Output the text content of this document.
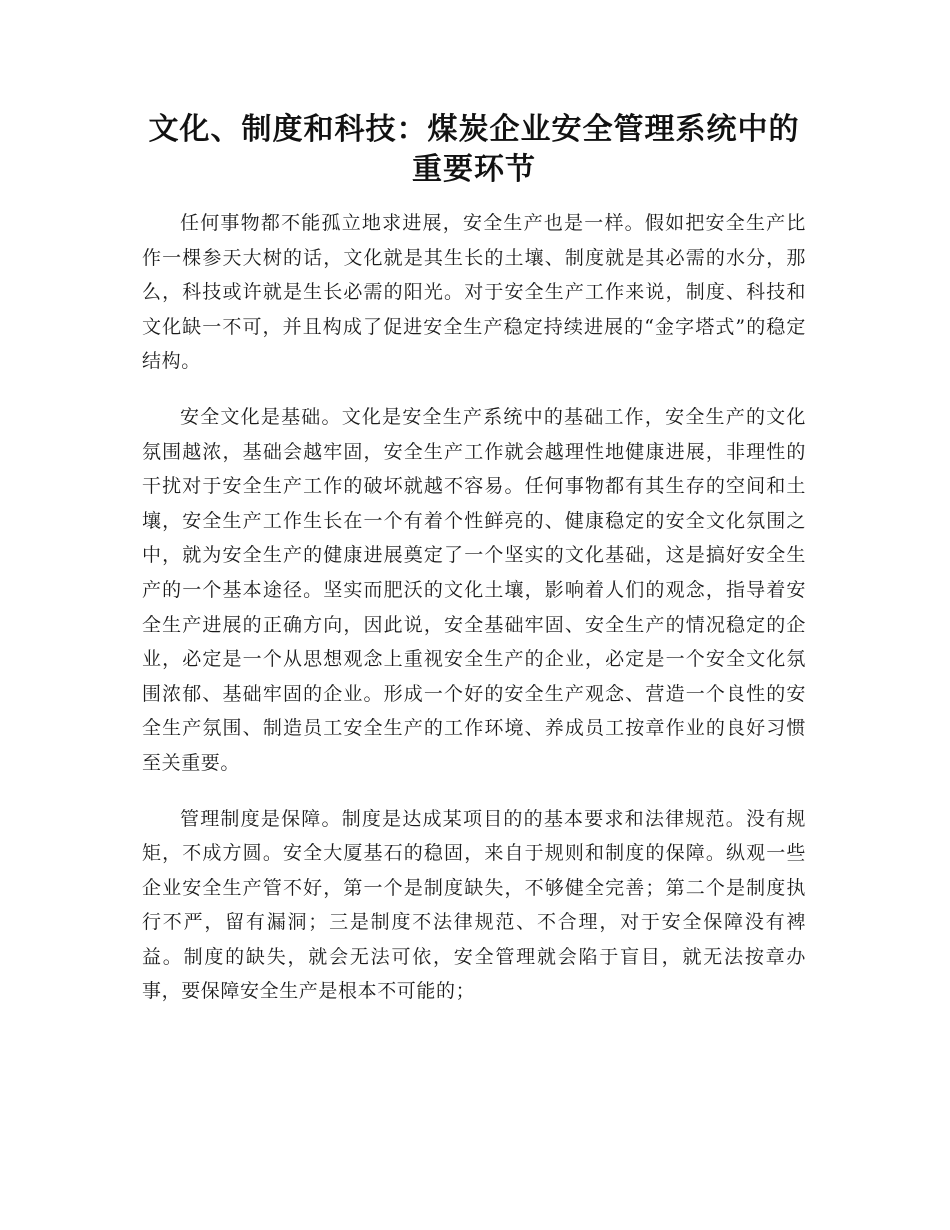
文化、制度和科技：煤炭企业安全管理系统中的重要环节

任何事物都不能孤立地求进展，安全生产也是一样。假如把安全生产比作一棵参天大树的话，文化就是其生长的土壤、制度就是其必需的水分，那么，科技或许就是生长必需的阳光。对于安全生产工作来说，制度、科技和文化缺一不可，并且构成了促进安全生产稳定持续进展的“金字塔式”的稳定结构。

安全文化是基础。文化是安全生产系统中的基础工作，安全生产的文化氛围越浓，基础会越牢固，安全生产工作就会越理性地健康进展，非理性的干扰对于安全生产工作的破坏就越不容易。任何事物都有其生存的空间和土壤，安全生产工作生长在一个有着个性鲜亮的、健康稳定的安全文化氛围之中，就为安全生产的健康进展奠定了一个坚实的文化基础，这是搞好安全生产的一个基本途径。坚实而肥沃的文化土壤，影响着人们的观念，指导着安全生产进展的正确方向，因此说，安全基础牢固、安全生产的情况稳定的企业，必定是一个从思想观念上重视安全生产的企业，必定是一个安全文化氛围浓郁、基础牢固的企业。形成一个好的安全生产观念、营造一个良性的安全生产氛围、制造员工安全生产的工作环境、养成员工按章作业的良好习惯至关重要。

管理制度是保障。制度是达成某项目的的基本要求和法律规范。没有规矩，不成方圆。安全大厦基石的稳固，来自于规则和制度的保障。纵观一些企业安全生产管不好，第一个是制度缺失，不够健全完善；第二个是制度执行不严，留有漏洞；三是制度不法律规范、不合理，对于安全保障没有裨益。制度的缺失，就会无法可依，安全管理就会陷于盲目，就无法按章办事，要保障安全生产是根本不可能的；
